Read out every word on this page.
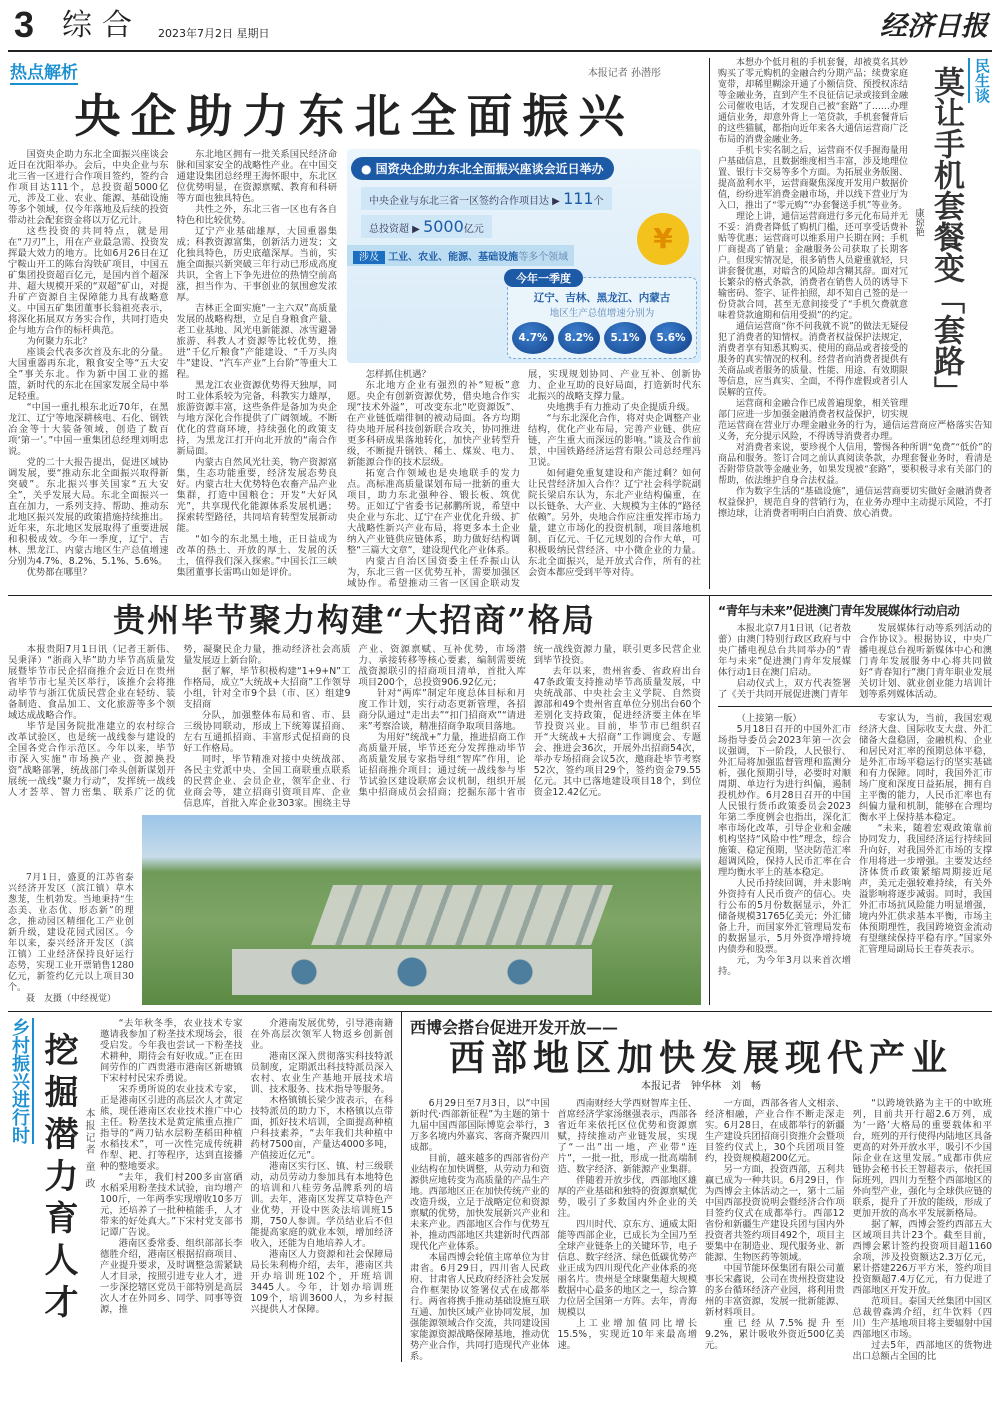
3 综合 2023年7月2日 星期日	经济日报
热点解析	本报记者 孙潜彤
央企助力东北全面振兴

国资央企助力东北全面振兴座谈会近日在沈阳举办。会后，中央企业与东北三省一区进行合作项目签约，签约合作项目达111个，总投资超5000亿元，涉及工业、农业、能源、基础设施等多个领域，仅今年落地及后续的投资带动社会配套资金将以万亿元计。

这些投资的共同特点，就是用在“刀刃”上，用在产业最急需、投资发挥最大效力的地方。比如6月26日在辽宁鞍山开工的陈台沟铁矿项目，中国五矿集团投资超百亿元，是国内首个超深井、超大规模开采的“双超”矿山，对提升矿产资源自主保障能力具有战略意义。中国五矿集团董事长翁祖亮表示，将深化拓展双方务实合作，共同打造央企与地方合作的标杆典范。

为何聚力东北？

座谈会代表多次首及东北的分量。大国重器再东北，粮食安全等“五大安全”事关东北。作为新中国工业的摇篮，新时代的东北在国家发展全局中举足轻重。

“中国一重扎根东北近70年，在黑龙江、辽宁等地深耕核电、石化、钢铁冶金等十大装备领域，创造了数百项‘第一’。”中国一重集团总经理刘明忠说。

党的二十大报告提出，促进区域协调发展，要“推动东北全面振兴取得新突破”。东北振兴事关国家“五大安全”，关乎发展大局。东北全面振兴一直在加力，一系列支持、帮助、推动东北地区振兴发展的政策措施持续推出。近年来，东北地区发展取得了重要进展和积极成效。今年一季度，辽宁、吉林、黑龙江、内蒙古地区生产总值增速分别为4.7%、8.2%、5.1%、5.6%。

优势都在哪里？

东北地区拥有一批关系国民经济命脉和国家安全的战略性产业。在中国交通建设集团总经理王海怀眼中，东北区位优势明显，在资源禀赋、教育和科研等方面也独具特色。

共性之外，东北三省一区也有各自特色和比较优势。

辽宁产业基础雄厚，大国重器集成；科教资源富集，创新活力迸发；文化独具特色，历史底蕴深厚。当前，实施全面振兴新突破三年行动已形成高度共识，全省上下争先进位的热情空前高涨，担当作为、干事创业的氛围愈发浓厚。

吉林正全面实施“一主六双”高质量发展的战略构想，立足自身粮食产量、老工业基地、风光电新能源、冰雪避暑旅游、科教人才资源等比较优势，推进“千亿斤粮食”产能建设、“千万头肉牛”建设、“汽车产业”上台阶”等重大工程。

黑龙江农业资源优势得天独厚，同时工业体系较为完备，科教实力雄厚，旅游资源丰富，这些条件是备加为央企与地方深化合作提供了广阔领域。不断优化的营商环境，持续强化的政策支持，为黑龙江打开向北开放的“南合作新局面。

内蒙古自然风光壮美，物产资源富集，生态功能重要，经济发展态势良好。内蒙古壮大优势特色农畜产品产业集群，打造中国粮仓；开发“大好风光”，共享现代化能源体系发展机遇；探索转型路径，共同培育转型发展新动能。

“如今的东北黑土地，正日益成为改革的热土、开放的厚土、发展的沃土，值得我们深入探索。”中国长江三峡集团董事长雷鸣山如是评价。

● 国资央企助力东北全面振兴座谈会近日举办
中央企业与东北三省一区签约合作项目达 ▶ 111个
总投资超 ▶ 5000亿元
涉及 工业、农业、能源、基础设施等多个领域
¥
今年一季度
辽宁、吉林、黑龙江、内蒙古
地区生产总值增速分别为
4.7%	8.2%	5.1%	5.6%

怎样抓住机遇？

东北地方企业有强烈的补“短板”意愿。央企有创新资源优势，借央地合作实现“技术外溢”，可改变东北“吃资源饭”、在产业链低端徘徊的被动局面。各方均期待央地开展科技创新联合攻关，协同推进更多科研成果落地转化，加快产业转型升级，不断提升钢铁、稀土、煤炭、电力、新能源合作的技术层级。

拓宽合作领域也是央地联手的发力点。高标准高质量谋划布局一批新的重大项目，助力东北强种谷、锻长板、筑优势。正如辽宁省委书记郝鹏所说，希望中央企业与东北、辽宁在产业优化升级、扩大战略性新兴产业布局，将更多本土企业纳入产业链供应链体系，助力做好结构调整“三篇大文章”，建设现代化产业体系。

内蒙古自治区国资委主任乔振山认为，东北三省一区优势互补，需要加强区域协作。希望推动三省一区国企联动发展，实现规划协同、产业互补、创新协力、企业互助的良好局面，打造新时代东北振兴的战略支撑力量。

央地携手有力推动了央企提质升级。

“与东北深化合作，将对央企调整产业结构，优化产业布局，完善产业链、供应链，产生重大而深远的影响。”谈及合作前景，中国铁路经济运营有限公司总经理冯卫说。

如何避免重复建设和产能过剩？如何让民营经济加入合作？辽宁社会科学院副院长梁启东认为，东北产业结构偏重，在以长链条、大产业、大规模为主体的“路径依赖”。另外，央地合作应注重发挥市场力量，建立市场化的投资机制，项目落地机制、百亿元、千亿元规划的合作大单，可积极吸纳民营经济、中小微企业的力量。东北全面振兴，是开放式合作，所有的社会资本都应受到平等对待。

民生谈
莫让手机套餐变「套路」
康琼艳

本想办个低月租的手机套餐，却被莫名其妙购买了零元购机的金融合约分期产品；续费家庭宽带，却稀里糊涂开通了小额信贷、预授权冻结等金融业务，直到产生不良征信记录或接到金融公司催收电话，才发现自己被“套路”了……办理通信业务，却意外背上一笔贷款，手机套餐背后的这些猫腻，都指向近年来各大通信运营商广泛布局的消费金融业务。

手机卡实名制之后，运营商不仅手握海量用户基础信息，且数据维度相当丰富，涉及地理位置、银行卡交易等多个方面。为拓展业务版图、提高盈利水平，运营商聚焦深度开发用户数据价值，纷纷进军消费金融市场，并以线下营业厅为入口，推出了“零元购”“办套餐送手机”等业务。

理论上讲，通信运营商进行多元化布局并无不妥：消费者降低了购机门槛，还可享受话费补贴等优惠；运营商可以维系用户长期在网；手机厂商提高了销量；金融服务公司获取了长期客户。但现实情况是，很多销售人员避重就轻，只讲套餐优惠，对暗含的风险却含糊其辞。面对冗长繁杂的格式条款，消费者在销售人员的诱导下输密码、签字、证件拍照，却不知自己签的是一份贷款合同，甚至无意间接受了“手机欠费就意味着贷款逾期和信用受损”的约定。

通信运营商“你不问我就不说”的做法无疑侵犯了消费者的知情权。消费者权益保护法规定，消费者享有知悉其购买、使用的商品或者接受的服务的真实情况的权利。经营者向消费者提供有关商品或者服务的质量、性能、用途、有效期限等信息，应当真实、全面，不得作虚假或者引人误解的宣传。

运营商和金融合作已成普遍现象，相关管理部门应进一步加强金融消费者权益保护，切实规范运营商在营业厅办理金融业务的行为，通信运营商应严格落实告知义务，充分提示风险，不得诱导消费者办理。

对消费者来说，要珍视个人信用，警惕各种所谓“免费”“低价”的商品和服务。签订合同之前认真阅读条款，办理套餐业务时，看清是否附带贷款等金融业务，如果发现被“套路”，要积极寻求有关部门的帮助，依法维护自身合法权益。

作为数字生活的“基础设施”，通信运营商要切实做好金融消费者权益保护，规范自身的营销行为，在业务办理中主动提示风险，不打擦边球，让消费者明明白白消费、放心消费。

贵州毕节聚力构建“大招商”格局

本报贵阳7月1日讯（记者王新伟、吴秉泽）“浙商入毕”助力毕节高质量发展暨毕节市民企招商推介会近日在贵州省毕节市七星关区举行，该推介会将推动毕节与浙江优质民营企业在轻纺、装备制造、食品加工、文化旅游等多个领域达成战略合作。

毕节是国务院批准建立的农村综合改革试验区，也是统一战线参与建设的全国各党合作示范区。今年以来，毕节市深入实施“市场换产业、资源换投资”战略部署，统战部门牵头创新谋划开展统一战线“聚力行动”，发挥统一战线人才荟萃、智力密集、联系广泛的优势，凝聚民企力量，推动经济社会高质量发展迈上新台阶。

据了解，毕节积极构建“1+9+N”工作格局，成立“大统战+大招商”工作领导小组，针对全市9个县（市、区）组建9支招商

分队，加强整体布局和省、市、县三级协同联动，形成上下统筹谋招商、左右互通抓招商、丰富形式促招商的良好工作格局。

同时，毕节精准对接中央统战部、各民主党派中央、全国工商联重点联系的民营企业、会员企业，领军企业、行业商会等，建立招商引资项目库、企业信息库，首批入库企业303家。围绕主导产业、资源禀赋、互补优势，市场潜力、承接转移等核心要素，编制需要统战资源联引的招商项目清单，首批入库项目200个，总投资906.92亿元；

针对“两库”制定年度总体目标和月度工作计划，实行动态更新管理，各招商分队通过“走出去”“扣门招商欢”“请进来”考察洽谈，精准招商争取项目落地。

为用好“统战+”力量，推进招商工作高质量开展，毕节还充分发挥推动毕节高质量发展专家指导组“智库”作用，论证招商推介项目；通过统一战线参与毕节试验区建设联席会议机制，组织开展集中招商成员会招商；挖掘东部十省市统一战线资源力量，联引更多民营企业到毕节投资。

去年以来，贵州省委、省政府出台47条政策支持推动毕节高质量发展，中央统战部、中央社会主义学院、自然资源部和49个贵州省直单位分别出台60个差别化支持政策，促进经济要主体在毕节投资兴业。目前，毕节市已组织召开“大统战+大招商”工作调度会、专题会、推进会36次，开展外出招商54次，举办专场招商会议5次，邀商赴毕节考察52次，签约项目29个，签约资金79.55亿元。其中已落地建设项目18个，到位资金12.42亿元。

7月1日，盛夏的江苏省泰兴经济开发区（滨江镇）草木葱茏，生机勃发。当地秉持“生态美、业态优、形态新”的理念，推动园区精细化工产业创新升级，建设花园式园区。今年以来，泰兴经济开发区（滨江镇）工业经济保持良好运行态势，实现工业开票销售1280亿元，新签约亿元以上项目30个。

聂　友摄（中经视觉）

“青年与未来”促进澳门青年发展媒体行动启动

本报北京7月1日讯（记者敖蕾）由澳门特别行政区政府与中央广播电视总台共同举办的“青年与未来”促进澳门青年发展媒体行动1日在澳门启动。

启动仪式上，双方代表签署了《关于共同开展促进澳门青年

发展媒体行动等系列活动的合作协议》。根据协议，中央广播电视总台视听新媒体中心和澳门青年发展服务中心将共同做好“青春知行”澳门青年职业发展关切计划、就业创业能力培训计划等系列媒体活动。

（上接第一版）

5月18日召开的中国外汇市场指导委员会2023年第一次会议强调，下一阶段，人民银行、外汇局将加强监督管理和监测分析，强化预期引导，必要时对顺周期、单边行为进行纠偏，遏制投机炒作。6月28日召开的中国人民银行货币政策委员会2023年第二季度例会也指出，深化汇率市场化改革，引导企业和金融机构坚持“风险中性”理念，综合施策、稳定预期，坚决防范汇率超调风险，保持人民币汇率在合理均衡水平上的基本稳定。

人民币持续回调，并未影响外资持有人民币资产的信心。央行公布的5月份数据显示，外汇储备规模31765亿美元；外汇储备上升，而国家外汇管理局发布的数据显示，5月外资净增持境内债券和股票。

元，为今年3月以来首次增持。

专家认为，当前，我国宏观经济大盘、国际收支大盘、外汇储备大盘稳固，金融机构、企业和居民对汇率的预期总体平稳，是外汇市场平稳运行的坚实基础和有力保障。同时，我国外汇市场广度和深度日益拓展，拥有自主平衡的能力，人民币汇率也有纠偏力量和机制，能够在合理均衡水平上保持基本稳定。

“未来，随着宏观政策靠前协同发力，我国经济运行持续回升向好，对我国外汇市场的支撑作用将进一步增强。主要发达经济体货币政策紧缩周期接近尾声，美元走强较难持续，有关外溢影响将逐步减弱。同时，我国外汇市场抗风险能力明显增强，境内外汇供求基本平衡，市场主体预期理性，我国跨境资金流动有望继续保持平稳有序。”国家外汇管理局副局长王春英表示。

乡村振兴进行时 挖掘潜力育人才 本报记者 童 政

“去年秋冬季，农业技术专家邀请我参加了粉垄技术现场会，很受启发。今年我也尝试一下粉垄技术耕种，期待会有好收成。”正在田间劳作的广西贵港市港南区新塘镇下宋村村民宋乔勇说。

宋乔勇所说的农业技术专家，正是港南区引进的高层次人才黄定熊，现任港南区农业技术推广中心主任。粉垄技术是黄定熊重点推广指导的“两刀钻水层粉垄稻田种植水稻技术”，可一次性完成传统耕作犁、耙、打等程序，达到直接播种的整地要求。

“去年，我们村200多亩富硒水稻采用粉垄技术试验，亩均增产100斤，一年两季实现增收10多万元，还培养了一批种植能手，人才带来的好处真大。”下宋村党支部书记谭广告说。

港南区委常委、组织部部长李德胜介绍，港南区根据招商项目、产业提升要求，及时调整急需紧缺人才目录，按照引进专业人才，进一步深挖辖区党员干部特别是高层次人才在外同乡、同学、同事等资源，推

介港南发展优势，引导港南籍在外高层次领军人物返乡创新创业。

港南区深入贯彻落实科技特派员制度，定期派出科技特派员深入农村、农业生产基地开展技术培训、技术服务、技术指导等服务。

木格镇镇长梁少波表示，在科技特派员的助力下，木格镇以点带面，抓好技术培训，全面提高种植户科技素养，“去年我们共种植中药材7500亩，产量达4000多吨，产值接近亿元”。

港南区实行区、镇、村三级联动，动员劳动力参加具有本地特色的培训和八桂劳务品牌系列的培训。去年，港南区发挥艾草特色产业优势，开设中医灸法培训班15期，750人参训。学员结业后不但能提高家庭的就业本领，增加经济收入，还能为自地培养人才。

港南区人力资源和社会保障局局长朱利梅介绍，去年，港南区共开办培训班102个，开班培训3445人。今年，计划办培训班109个，培训3600人，为乡村振兴提供人才保障。

西博会搭台促进开发开放——
西部地区加快发展现代产业
本报记者　钟华林　刘　畅

6月29日至7月3日，以“中国新时代·西部新征程”为主题的第十九届中国西部国际博览会举行，3万多名境内外嘉宾、客商齐聚四川成都。

目前，越来越多的西部省份产业结构在加快调整，从劳动力和资源供应地转变为高质量的产品生产地。西部地区正在加快传统产业的改造升级，立足于战略定位和资源禀赋的优势，加快发展新兴产业和未来产业。西部地区合作与优势互补，推动西部地区共建新时代西部现代化产业体系。

本届西博会轮值主席单位为甘肃省。6月29日，四川省人民政府、甘肃省人民政府经济社会发展合作框架协议签署仪式在成都举行。两省将携手推动基础设施互联互通、加快区域产业协同发展，加强能源领域合作交流，共同建设国家能源资源战略保障基地，推动优势产业合作，共同打造现代产业体系。

西南财经大学西财智库主任、首席经济学家汤继强表示，西部各省近年来依托区位优势和资源禀赋，持续推动产业链发展，实现了“一出”出一地，产业带“连片”，一批一批，形成一批高端制造、数字经济、新能源产业集群。

伴随着开放步伐，西部地区雄厚的产业基础和独特的资源禀赋优势，吸引了多数国内外企业的关注。

四川时代、京东方、通威太阳能等西部企业，已成长为全国乃至全球产业链条上的关键环节，电子信息、数字经济、绿色低碳优势产业正成为四川现代化产业体系的亮丽名片。贵州是全球聚集超大规模数据中心最多的地区之一，综合算力位居全国第一方阵。去年，青海规模以

上工业增加值同比增长15.5%，实现近10年来最高增速。

一方面，西部各省人文相亲、经济相融，产业合作不断走深走实。6月28日，在成都举行的新疆生产建设兵团招商引资推介会暨项目签约仪式上，30个兵团项目签约，投资规模超200亿元。

另一方面，投资西部，五利共赢已成为一种共识。6月29日，作为西博会主体活动之一，第十二届中国西部投资说明会暨经济合作项目签约仪式在成都举行。西部12省份和新疆生产建设兵团与国内外投资者共签约项目492个，项目主要集中在制造业、现代服务业、新能源、生物医药等领域。

中国节能环保集团有限公司董事长宋鑫说，公司在贵州投资建设的多台循环经济产业园，将利用贵州的丰富资源，发展一批新能源、新材料项目。

重已经从7.5%提升至9.2%，累计吸收外资近500亿美元。

“以跨境铁路为主干的中欧班列，目前共开行超2.6万列，成为‘一路’大格局的重要载体和平台，班列的开行使得内陆地区具备更高的对外开放水平，吸引不少国际企业在这里发展。”成都市供应链协会秘书长王智超表示，依托国际班列，四川力至整个西部地区的外向型产业，强化与全球供应链的联系，提升了开放的能级，形成了更加开放的高水平发展新格局。

据了解，西博会签约西部五大区域项目共计23个。截至目前，西博会累计签约投资项目超1160余项，涉及投资额达2.3万亿元，累计搭建226万平方米，签约项目投资额超7.4万亿元，有力促进了西部地区开发开放。

范项目。泰国天丝集团中国区总裁曾森鸿介绍，红牛饮料（四川）生产基地项目将主要辐射中国西部地区市场。

过去5年，西部地区的货物进出口总额占全国的比
